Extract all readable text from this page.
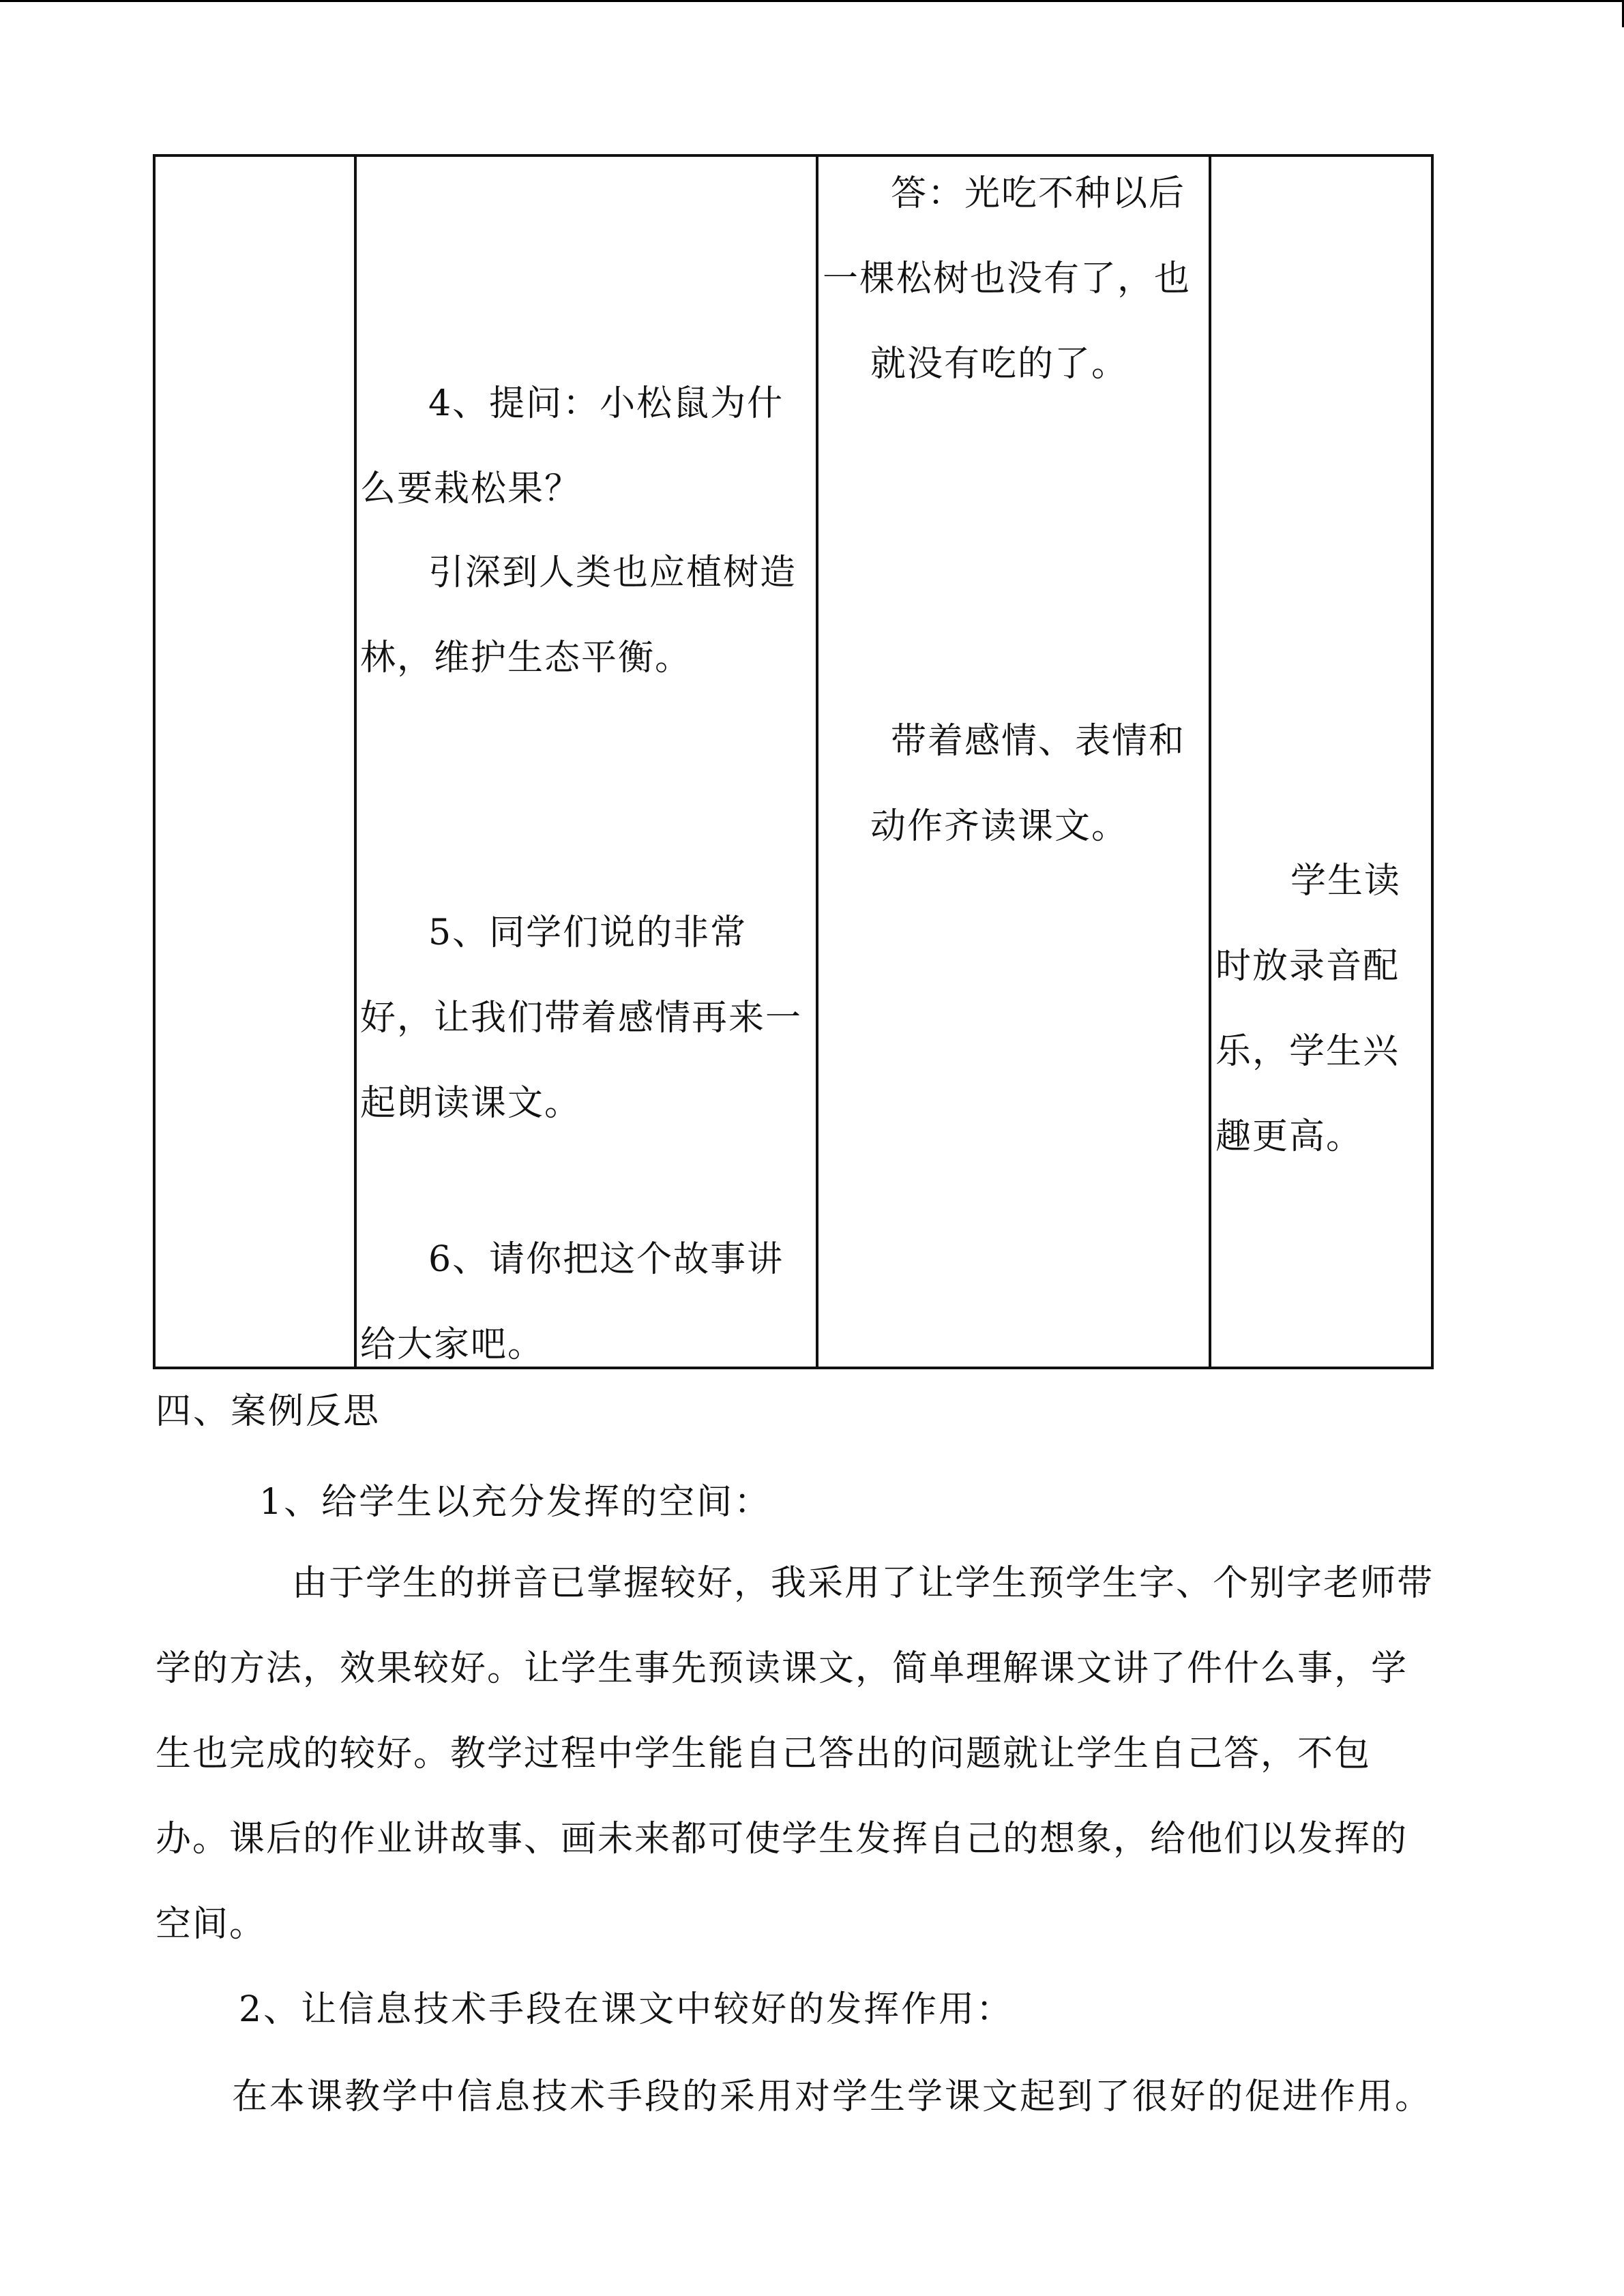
4、提问：小松鼠为什
么要栽松果？
引深到人类也应植树造
林，维护生态平衡。
5、同学们说的非常
好，让我们带着感情再来一
起朗读课文。
6、请你把这个故事讲
给大家吧。
答：光吃不种以后
一棵松树也没有了，也
就没有吃的了。
带着感情、表情和
动作齐读课文。
学生读
时放录音配
乐，学生兴
趣更高。
四、案例反思
1、给学生以充分发挥的空间：
由于学生的拼音已掌握较好，我采用了让学生预学生字、个别字老师带
学的方法，效果较好。让学生事先预读课文，简单理解课文讲了件什么事，学
生也完成的较好。教学过程中学生能自己答出的问题就让学生自己答，不包
办。课后的作业讲故事、画未来都可使学生发挥自己的想象，给他们以发挥的
空间。
2、让信息技术手段在课文中较好的发挥作用：
在本课教学中信息技术手段的采用对学生学课文起到了很好的促进作用。
